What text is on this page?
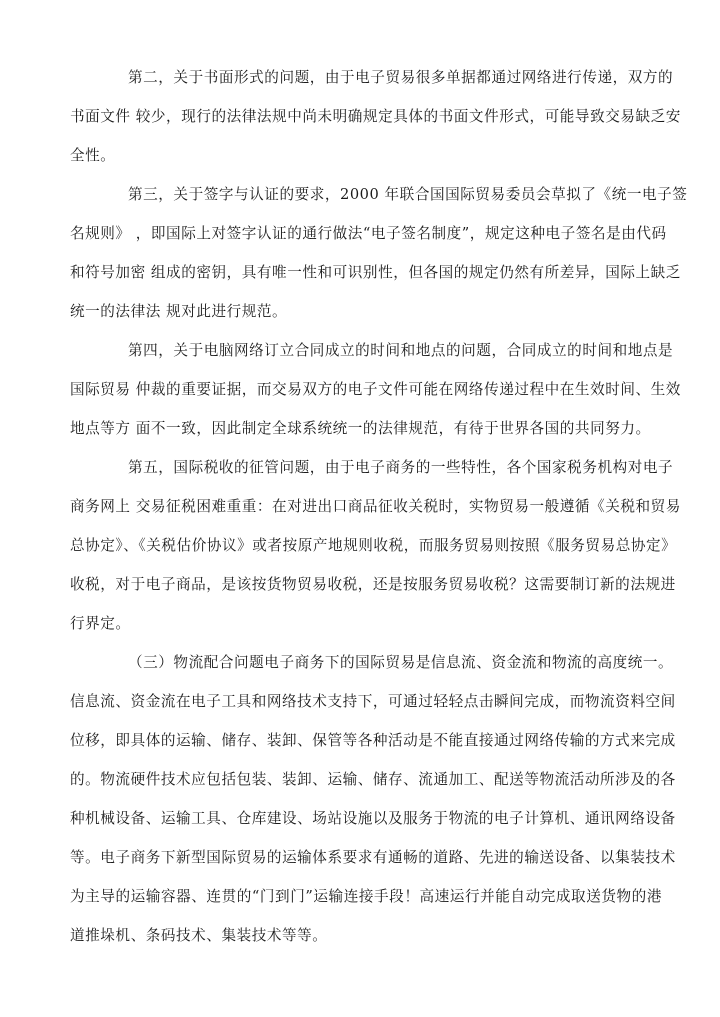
第二，关于书面形式的问题，由于电子贸易很多单据都通过网络进行传递，双方的
书面文件 较少，现行的法律法规中尚未明确规定具体的书面文件形式，可能导致交易缺乏安
全性。
第三，关于签字与认证的要求，2000 年联合国国际贸易委员会草拟了《统一电子签
名规则》 ，即国际上对签字认证的通行做法“电子签名制度”，规定这种电子签名是由代码
和符号加密 组成的密钥，具有唯一性和可识别性，但各国的规定仍然有所差异，国际上缺乏
统一的法律法 规对此进行规范。
第四，关于电脑网络订立合同成立的时间和地点的问题，合同成立的时间和地点是
国际贸易 仲裁的重要证据，而交易双方的电子文件可能在网络传递过程中在生效时间、生效
地点等方 面不一致，因此制定全球系统统一的法律规范，有待于世界各国的共同努力。
第五，国际税收的征管问题，由于电子商务的一些特性，各个国家税务机构对电子
商务网上 交易征税困难重重：在对进出口商品征收关税时，实物贸易一般遵循《关税和贸易
总协定》、《关税估价协议》或者按原产地规则收税，而服务贸易则按照《服务贸易总协定》
收税，对于电子商品，是该按货物贸易收税，还是按服务贸易收税？这需要制订新的法规进
行界定。
（三）物流配合问题电子商务下的国际贸易是信息流、资金流和物流的高度统一。
信息流、资金流在电子工具和网络技术支持下，可通过轻轻点击瞬间完成，而物流资料空间
位移，即具体的运输、储存、装卸、保管等各种活动是不能直接通过网络传输的方式来完成
的。物流硬件技术应包括包装、装卸、运输、储存、流通加工、配送等物流活动所涉及的各
种机械设备、运输工具、仓库建设、场站设施以及服务于物流的电子计算机、通讯网络设备
等。电子商务下新型国际贸易的运输体系要求有通畅的道路、先进的输送设备、以集装技术
为主导的运输容器、连贯的“门到门”运输连接手段！高速运行并能自动完成取送货物的港
道推垛机、条码技术、集装技术等等。
